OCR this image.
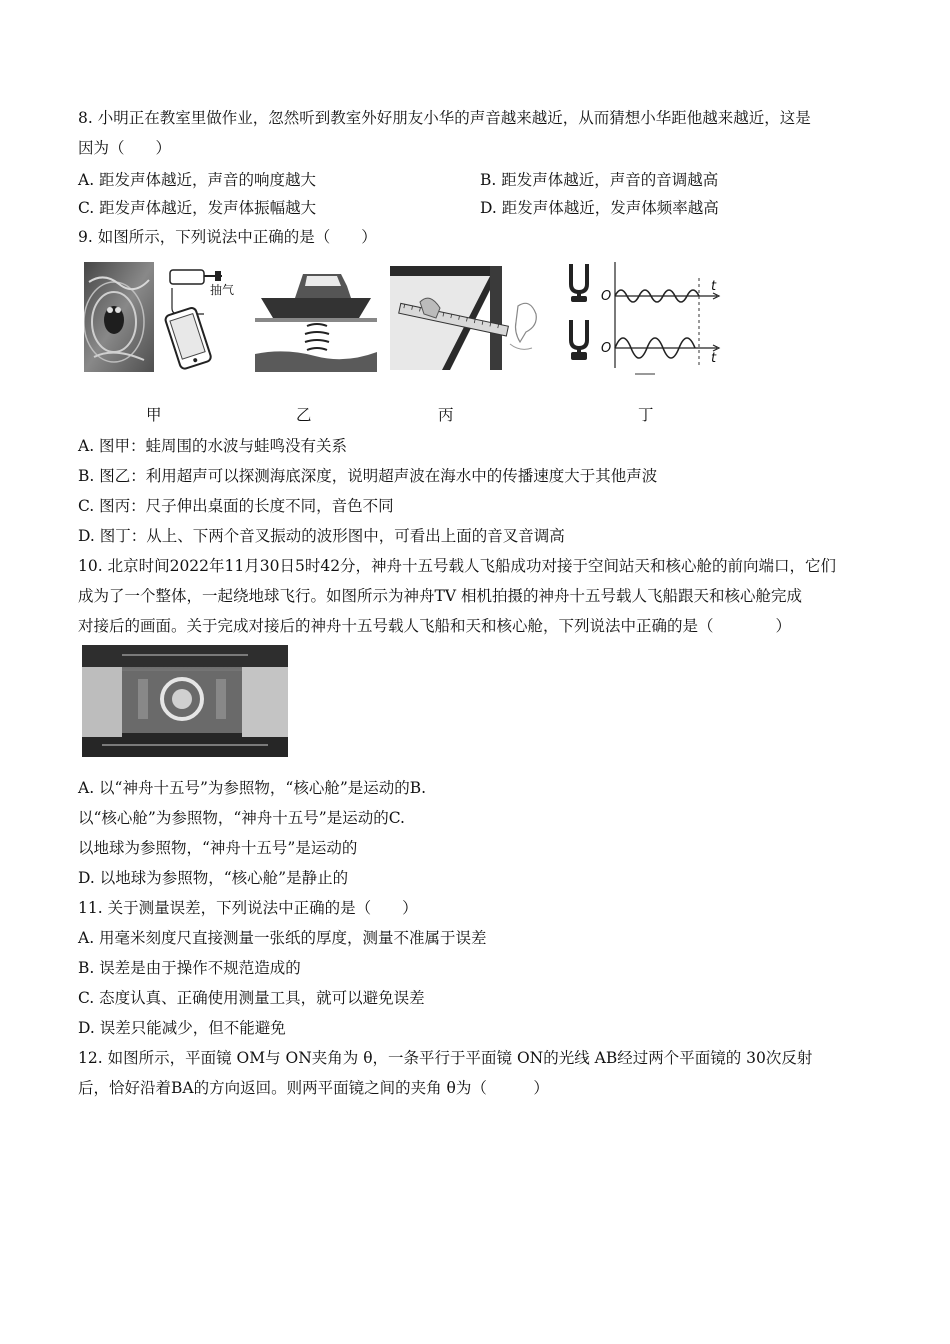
8. 小明正在教室里做作业，忽然听到教室外好朋友小华的声音越来越近，从而猜想小华距他越来越近，这是
因为（　　）
A. 距发声体越近，声音的响度越大	B. 距发声体越近，声音的音调越高
C. 距发声体越近，发声体振幅越大	D. 距发声体越近，发声体频率越高
9. 如图所示，下列说法中正确的是（　　）
抽气	O
t
O
t
甲	乙	丙	丁
A. 图甲：蛙周围的水波与蛙鸣没有关系
B. 图乙：利用超声可以探测海底深度，说明超声波在海水中的传播速度大于其他声波
C. 图丙：尺子伸出桌面的长度不同，音色不同
D. 图丁：从上、下两个音叉振动的波形图中，可看出上面的音叉音调高
10. 北京时间2022年11月30日5时42分，神舟十五号载人飞船成功对接于空间站天和核心舱的前向端口，它们
成为了一个整体，一起绕地球飞行。如图所示为神舟TV 相机拍摄的神舟十五号载人飞船跟天和核心舱完成
对接后的画面。关于完成对接后的神舟十五号载人飞船和天和核心舱，下列说法中正确的是（　　　　）
A. 以“神舟十五号”为参照物，“核心舱”是运动的B.
以“核心舱”为参照物，“神舟十五号”是运动的C.
以地球为参照物，“神舟十五号”是运动的
D. 以地球为参照物，“核心舱”是静止的
11. 关于测量误差，下列说法中正确的是（　　）
A. 用毫米刻度尺直接测量一张纸的厚度，测量不准属于误差
B. 误差是由于操作不规范造成的
C. 态度认真、正确使用测量工具，就可以避免误差
D. 误差只能减少，但不能避免
12. 如图所示，平面镜 OM与 ON夹角为 θ，一条平行于平面镜 ON的光线 AB经过两个平面镜的 30次反射
后，恰好沿着BA的方向返回。则两平面镜之间的夹角 θ为（　　　）
